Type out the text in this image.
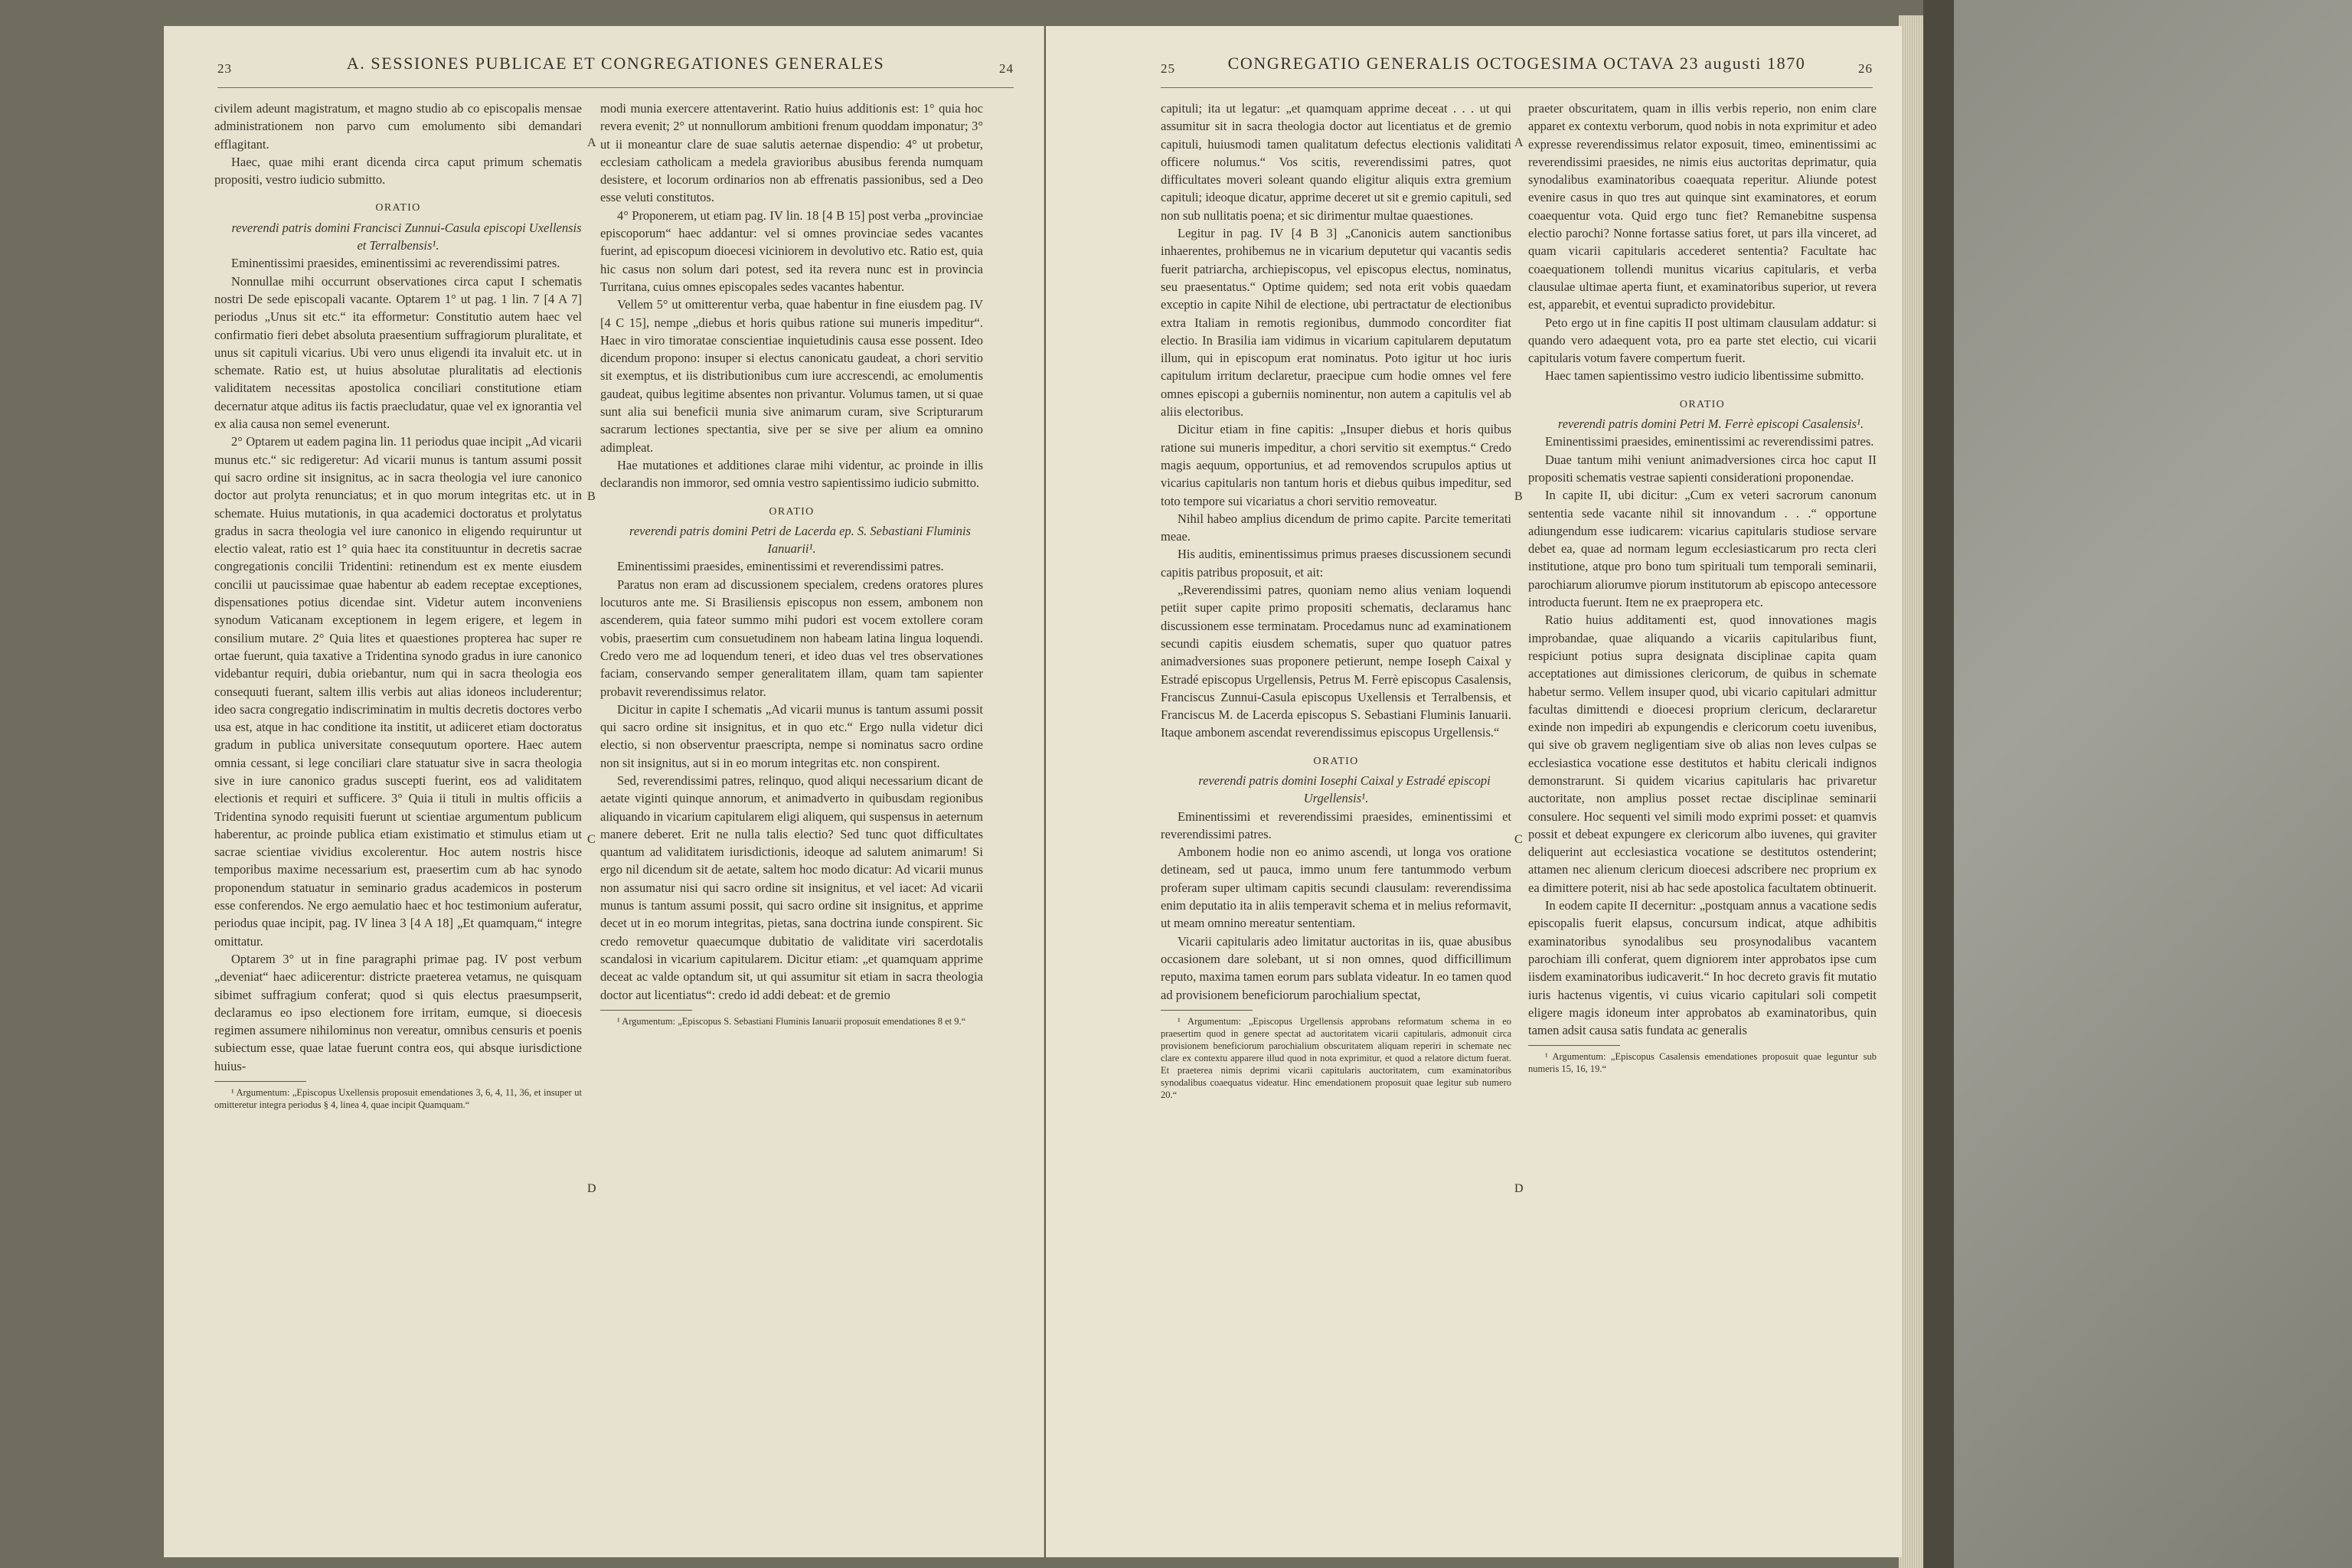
23	A. SESSIONES PUBLICAE ET CONGREGATIONES GENERALES	24
A
B
C
D

civilem adeunt magistratum, et magno studio ab co episcopalis mensae administrationem non parvo cum emolumento sibi demandari efflagitant.

Haec, quae mihi erant dicenda circa caput primum schematis propositi, vestro iudicio submitto.

ORATIO

reverendi patris domini Francisci Zunnui-Casula episcopi Uxellensis et Terralbensis¹.

Eminentissimi praesides, eminentissimi ac reverendissimi patres.

Nonnullae mihi occurrunt observationes circa caput I schematis nostri De sede episcopali vacante. Optarem 1° ut pag. 1 lin. 7 [4 A 7] periodus „Unus sit etc.“ ita efformetur: Constitutio autem haec vel confirmatio fieri debet absoluta praesentium suffragiorum pluralitate, et unus sit capituli vicarius. Ubi vero unus eligendi ita invaluit etc. ut in schemate. Ratio est, ut huius absolutae pluralitatis ad electionis validitatem necessitas apostolica conciliari constitutione etiam decernatur atque aditus iis factis praecludatur, quae vel ex ignorantia vel ex alia causa non semel evenerunt.

2° Optarem ut eadem pagina lin. 11 periodus quae incipit „Ad vicarii munus etc.“ sic redigeretur: Ad vicarii munus is tantum assumi possit qui sacro ordine sit insignitus, ac in sacra theologia vel iure canonico doctor aut prolyta renunciatus; et in quo morum integritas etc. ut in schemate. Huius mutationis, in qua academici doctoratus et prolytatus gradus in sacra theologia vel iure canonico in eligendo requiruntur ut electio valeat, ratio est 1° quia haec ita constituuntur in decretis sacrae congregationis concilii Tridentini: retinendum est ex mente eiusdem concilii ut paucissimae quae habentur ab eadem receptae exceptiones, dispensationes potius dicendae sint. Videtur autem inconveniens synodum Vaticanam exceptionem in legem erigere, et legem in consilium mutare. 2° Quia lites et quaestiones propterea hac super re ortae fuerunt, quia taxative a Tridentina synodo gradus in iure canonico videbantur requiri, dubia oriebantur, num qui in sacra theologia eos consequuti fuerant, saltem illis verbis aut alias idoneos includerentur; ideo sacra congregatio indiscriminatim in multis decretis doctores verbo usa est, atque in hac conditione ita institit, ut adiiceret etiam doctoratus gradum in publica universitate consequutum oportere. Haec autem omnia cessant, si lege conciliari clare statuatur sive in sacra theologia sive in iure canonico gradus suscepti fuerint, eos ad validitatem electionis et requiri et sufficere. 3° Quia ii tituli in multis officiis a Tridentina synodo requisiti fuerunt ut scientiae argumentum publicum haberentur, ac proinde publica etiam existimatio et stimulus etiam ut sacrae scientiae vividius excolerentur. Hoc autem nostris hisce temporibus maxime necessarium est, praesertim cum ab hac synodo proponendum statuatur in seminario gradus academicos in posterum esse conferendos. Ne ergo aemulatio haec et hoc testimonium auferatur, periodus quae incipit, pag. IV linea 3 [4 A 18] „Et quamquam,“ integre omittatur.

Optarem 3° ut in fine paragraphi primae pag. IV post verbum „deveniat“ haec adiicerentur: districte praeterea vetamus, ne quisquam sibimet suffragium conferat; quod si quis electus praesumpserit, declaramus eo ipso electionem fore irritam, eumque, si dioecesis regimen assumere nihilominus non vereatur, omnibus censuris et poenis subiectum esse, quae latae fuerunt contra eos, qui absque iurisdictione huius-

¹ Argumentum: „Episcopus Uxellensis proposuit emendationes 3, 6, 4, 11, 36, et insuper ut omitteretur integra periodus § 4, linea 4, quae incipit Quamquam.“

modi munia exercere attentaverint. Ratio huius additionis est: 1° quia hoc revera evenit; 2° ut nonnullorum ambitioni frenum quoddam imponatur; 3° ut ii moneantur clare de suae salutis aeternae dispendio: 4° ut probetur, ecclesiam catholicam a medela gravioribus abusibus ferenda numquam desistere, et locorum ordinarios non ab effrenatis passionibus, sed a Deo esse veluti constitutos.

4° Proponerem, ut etiam pag. IV lin. 18 [4 B 15] post verba „provinciae episcoporum“ haec addantur: vel si omnes provinciae sedes vacantes fuerint, ad episcopum dioecesi viciniorem in devolutivo etc. Ratio est, quia hic casus non solum dari potest, sed ita revera nunc est in provincia Turritana, cuius omnes episcopales sedes vacantes habentur.

Vellem 5° ut omitterentur verba, quae habentur in fine eiusdem pag. IV [4 C 15], nempe „diebus et horis quibus ratione sui muneris impeditur“. Haec in viro timoratae conscientiae inquietudinis causa esse possent. Ideo dicendum propono: insuper si electus canonicatu gaudeat, a chori servitio sit exemptus, et iis distributionibus cum iure accrescendi, ac emolumentis gaudeat, quibus legitime absentes non privantur. Volumus tamen, ut si quae sunt alia sui beneficii munia sive animarum curam, sive Scripturarum sacrarum lectiones spectantia, sive per se sive per alium ea omnino adimpleat.

Hae mutationes et additiones clarae mihi videntur, ac proinde in illis declarandis non immoror, sed omnia vestro sapientissimo iudicio submitto.

ORATIO

reverendi patris domini Petri de Lacerda ep. S. Sebastiani Fluminis Ianuarii¹.

Eminentissimi praesides, eminentissimi et reverendissimi patres.

Paratus non eram ad discussionem specialem, credens oratores plures locuturos ante me. Si Brasiliensis episcopus non essem, ambonem non ascenderem, quia fateor summo mihi pudori est vocem extollere coram vobis, praesertim cum consuetudinem non habeam latina lingua loquendi. Credo vero me ad loquendum teneri, et ideo duas vel tres observationes faciam, conservando semper generalitatem illam, quam tam sapienter probavit reverendissimus relator.

Dicitur in capite I schematis „Ad vicarii munus is tantum assumi possit qui sacro ordine sit insignitus, et in quo etc.“ Ergo nulla videtur dici electio, si non observentur praescripta, nempe si nominatus sacro ordine non sit insignitus, aut si in eo morum integritas etc. non conspirent.

Sed, reverendissimi patres, relinquo, quod aliqui necessarium dicant de aetate viginti quinque annorum, et animadverto in quibusdam regionibus aliquando in vicarium capitularem eligi aliquem, qui suspensus in aeternum manere deberet. Erit ne nulla talis electio? Sed tunc quot difficultates quantum ad validitatem iurisdictionis, ideoque ad salutem animarum! Si ergo nil dicendum sit de aetate, saltem hoc modo dicatur: Ad vicarii munus non assumatur nisi qui sacro ordine sit insignitus, et vel iacet: Ad vicarii munus is tantum assumi possit, qui sacro ordine sit insignitus, et apprime decet ut in eo morum integritas, pietas, sana doctrina iunde conspirent. Sic credo removetur quaecumque dubitatio de validitate viri sacerdotalis scandalosi in vicarium capitularem. Dicitur etiam: „et quamquam apprime deceat ac valde optandum sit, ut qui assumitur sit etiam in sacra theologia doctor aut licentiatus“: credo id addi debeat: et de gremio

¹ Argumentum: „Episcopus S. Sebastiani Fluminis Ianuarii proposuit emendationes 8 et 9.“

25	CONGREGATIO GENERALIS OCTOGESIMA OCTAVA 23 augusti 1870	26
A
B
C
D

capituli; ita ut legatur: „et quamquam apprime deceat . . . ut qui assumitur sit in sacra theologia doctor aut licentiatus et de gremio capituli, huiusmodi tamen qualitatum defectus electionis validitati officere nolumus.“ Vos scitis, reverendissimi patres, quot difficultates moveri soleant quando eligitur aliquis extra gremium capituli; ideoque dicatur, apprime deceret ut sit e gremio capituli, sed non sub nullitatis poena; et sic dirimentur multae quaestiones.

Legitur in pag. IV [4 B 3] „Canonicis autem sanctionibus inhaerentes, prohibemus ne in vicarium deputetur qui vacantis sedis fuerit patriarcha, archiepiscopus, vel episcopus electus, nominatus, seu praesentatus.“ Optime quidem; sed nota erit vobis quaedam exceptio in capite Nihil de electione, ubi pertractatur de electionibus extra Italiam in remotis regionibus, dummodo concorditer fiat electio. In Brasilia iam vidimus in vicarium capitularem deputatum illum, qui in episcopum erat nominatus. Poto igitur ut hoc iuris capitulum irritum declaretur, praecipue cum hodie omnes vel fere omnes episcopi a guberniis nominentur, non autem a capitulis vel ab aliis electoribus.

Dicitur etiam in fine capitis: „Insuper diebus et horis quibus ratione sui muneris impeditur, a chori servitio sit exemptus.“ Credo magis aequum, opportunius, et ad removendos scrupulos aptius ut vicarius capitularis non tantum horis et diebus quibus impeditur, sed toto tempore sui vicariatus a chori servitio removeatur.

Nihil habeo amplius dicendum de primo capite. Parcite temeritati meae.

His auditis, eminentissimus primus praeses discussionem secundi capitis patribus proposuit, et ait:

„Reverendissimi patres, quoniam nemo alius veniam loquendi petiit super capite primo propositi schematis, declaramus hanc discussionem esse terminatam. Procedamus nunc ad examinationem secundi capitis eiusdem schematis, super quo quatuor patres animadversiones suas proponere petierunt, nempe Ioseph Caixal y Estradé episcopus Urgellensis, Petrus M. Ferrè episcopus Casalensis, Franciscus Zunnui-Casula episcopus Uxellensis et Terralbensis, et Franciscus M. de Lacerda episcopus S. Sebastiani Fluminis Ianuarii. Itaque ambonem ascendat reverendissimus episcopus Urgellensis.“

ORATIO

reverendi patris domini Iosephi Caixal y Estradé episcopi Urgellensis¹.

Eminentissimi et reverendissimi praesides, eminentissimi et reverendissimi patres.

Ambonem hodie non eo animo ascendi, ut longa vos oratione detineam, sed ut pauca, immo unum fere tantummodo verbum proferam super ultimam capitis secundi clausulam: reverendissima enim deputatio ita in aliis temperavit schema et in melius reformavit, ut meam omnino mereatur sententiam.

Vicarii capitularis adeo limitatur auctoritas in iis, quae abusibus occasionem dare solebant, ut si non omnes, quod difficillimum reputo, maxima tamen eorum pars sublata videatur. In eo tamen quod ad provisionem beneficiorum parochialium spectat,

¹ Argumentum: „Episcopus Urgellensis approbans reformatum schema in eo praesertim quod in genere spectat ad auctoritatem vicarii capitularis, admonuit circa provisionem beneficiorum parochialium obscuritatem aliquam reperiri in schemate nec clare ex contextu apparere illud quod in nota exprimitur, et quod a relatore dictum fuerat. Et praeterea nimis deprimi vicarii capitularis auctoritatem, cum examinatoribus synodalibus coaequatus videatur. Hinc emendationem proposuit quae legitur sub numero 20.“

praeter obscuritatem, quam in illis verbis reperio, non enim clare apparet ex contextu verborum, quod nobis in nota exprimitur et adeo expresse reverendissimus relator exposuit, timeo, eminentissimi ac reverendissimi praesides, ne nimis eius auctoritas deprimatur, quia synodalibus examinatoribus coaequata reperitur. Aliunde potest evenire casus in quo tres aut quinque sint examinatores, et eorum coaequentur vota. Quid ergo tunc fiet? Remanebitne suspensa electio parochi? Nonne fortasse satius foret, ut pars illa vinceret, ad quam vicarii capitularis accederet sententia? Facultate hac coaequationem tollendi munitus vicarius capitularis, et verba clausulae ultimae aperta fiunt, et examinatoribus superior, ut revera est, apparebit, et eventui supradicto providebitur.

Peto ergo ut in fine capitis II post ultimam clausulam addatur: si quando vero adaequent vota, pro ea parte stet electio, cui vicarii capitularis votum favere compertum fuerit.

Haec tamen sapientissimo vestro iudicio libentissime submitto.

ORATIO

reverendi patris domini Petri M. Ferrè episcopi Casalensis¹.

Eminentissimi praesides, eminentissimi ac reverendissimi patres.

Duae tantum mihi veniunt animadversiones circa hoc caput II propositi schematis vestrae sapienti considerationi proponendae.

In capite II, ubi dicitur: „Cum ex veteri sacrorum canonum sententia sede vacante nihil sit innovandum . . .“ opportune adiungendum esse iudicarem: vicarius capitularis studiose servare debet ea, quae ad normam legum ecclesiasticarum pro recta cleri institutione, atque pro bono tum spirituali tum temporali seminarii, parochiarum aliorumve piorum institutorum ab episcopo antecessore introducta fuerunt. Item ne ex praepropera etc.

Ratio huius additamenti est, quod innovationes magis improbandae, quae aliquando a vicariis capitularibus fiunt, respiciunt potius supra designata disciplinae capita quam acceptationes aut dimissiones clericorum, de quibus in schemate habetur sermo. Vellem insuper quod, ubi vicario capitulari admittur facultas dimittendi e dioecesi proprium clericum, declararetur exinde non impediri ab expungendis e clericorum coetu iuvenibus, qui sive ob gravem negligentiam sive ob alias non leves culpas se ecclesiastica vocatione esse destitutos et habitu clericali indignos demonstrarunt. Si quidem vicarius capitularis hac privaretur auctoritate, non amplius posset rectae disciplinae seminarii consulere. Hoc sequenti vel simili modo exprimi posset: et quamvis possit et debeat expungere ex clericorum albo iuvenes, qui graviter deliquerint aut ecclesiastica vocatione se destitutos ostenderint; attamen nec alienum clericum dioecesi adscribere nec proprium ex ea dimittere poterit, nisi ab hac sede apostolica facultatem obtinuerit.

In eodem capite II decernitur: „postquam annus a vacatione sedis episcopalis fuerit elapsus, concursum indicat, atque adhibitis examinatoribus synodalibus seu prosynodalibus vacantem parochiam illi conferat, quem digniorem inter approbatos ipse cum iisdem examinatoribus iudicaverit.“ In hoc decreto gravis fit mutatio iuris hactenus vigentis, vi cuius vicario capitulari soli competit eligere magis idoneum inter approbatos ab examinatoribus, quin tamen adsit causa satis fundata ac generalis

¹ Argumentum: „Episcopus Casalensis emendationes proposuit quae leguntur sub numeris 15, 16, 19.“
